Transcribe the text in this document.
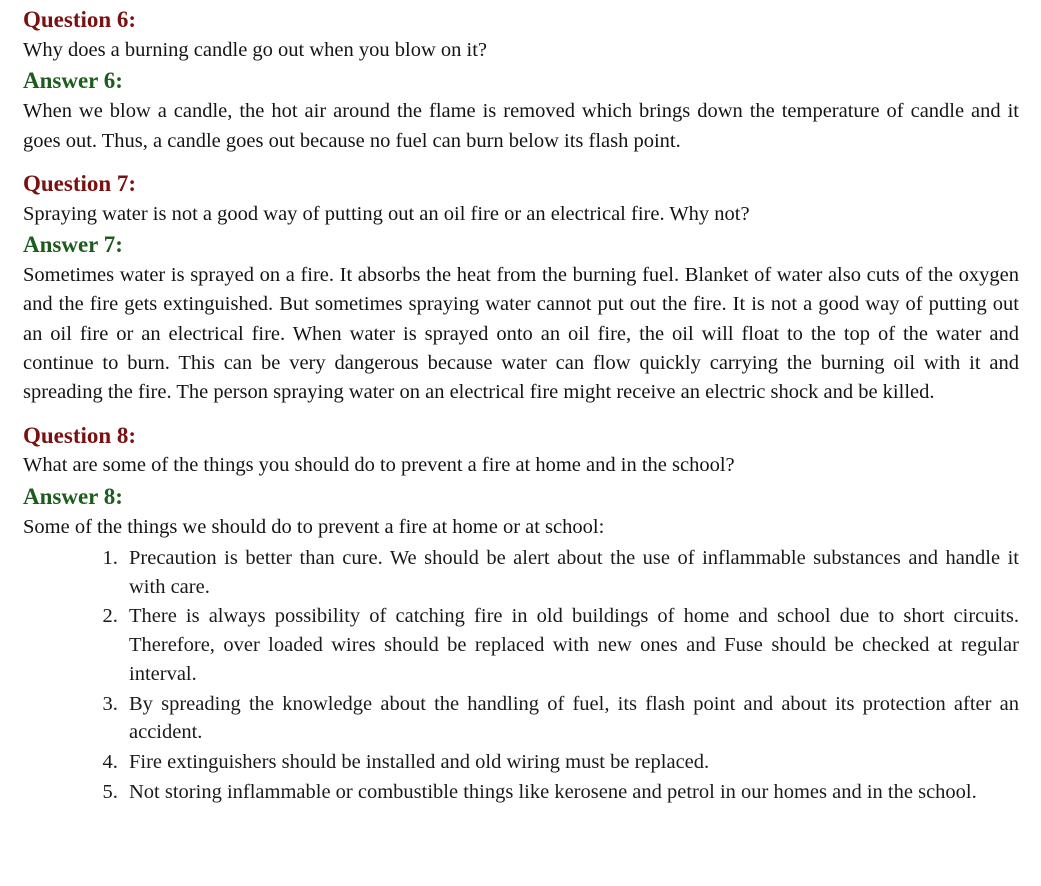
Question 6:

Why does a burning candle go out when you blow on it?

Answer 6:

When we blow a candle, the hot air around the flame is removed which brings down the temperature of candle and it goes out. Thus, a candle goes out because no fuel can burn below its flash point.

Question 7:

Spraying water is not a good way of putting out an oil fire or an electrical fire. Why not?

Answer 7:

Sometimes water is sprayed on a fire. It absorbs the heat from the burning fuel. Blanket of water also cuts of the oxygen and the fire gets extinguished. But sometimes spraying water cannot put out the fire. It is not a good way of putting out an oil fire or an electrical fire. When water is sprayed onto an oil fire, the oil will float to the top of the water and continue to burn. This can be very dangerous because water can flow quickly carrying the burning oil with it and spreading the fire. The person spraying water on an electrical fire might receive an electric shock and be killed.

Question 8:

What are some of the things you should do to prevent a fire at home and in the school?

Answer 8:

Some of the things we should do to prevent a fire at home or at school:

1. Precaution is better than cure. We should be alert about the use of inflammable substances and handle it with care.
2. There is always possibility of catching fire in old buildings of home and school due to short circuits. Therefore, over loaded wires should be replaced with new ones and Fuse should be checked at regular interval.
3. By spreading the knowledge about the handling of fuel, its flash point and about its protection after an accident.
4. Fire extinguishers should be installed and old wiring must be replaced.
5. Not storing inflammable or combustible things like kerosene and petrol in our homes and in the school.
